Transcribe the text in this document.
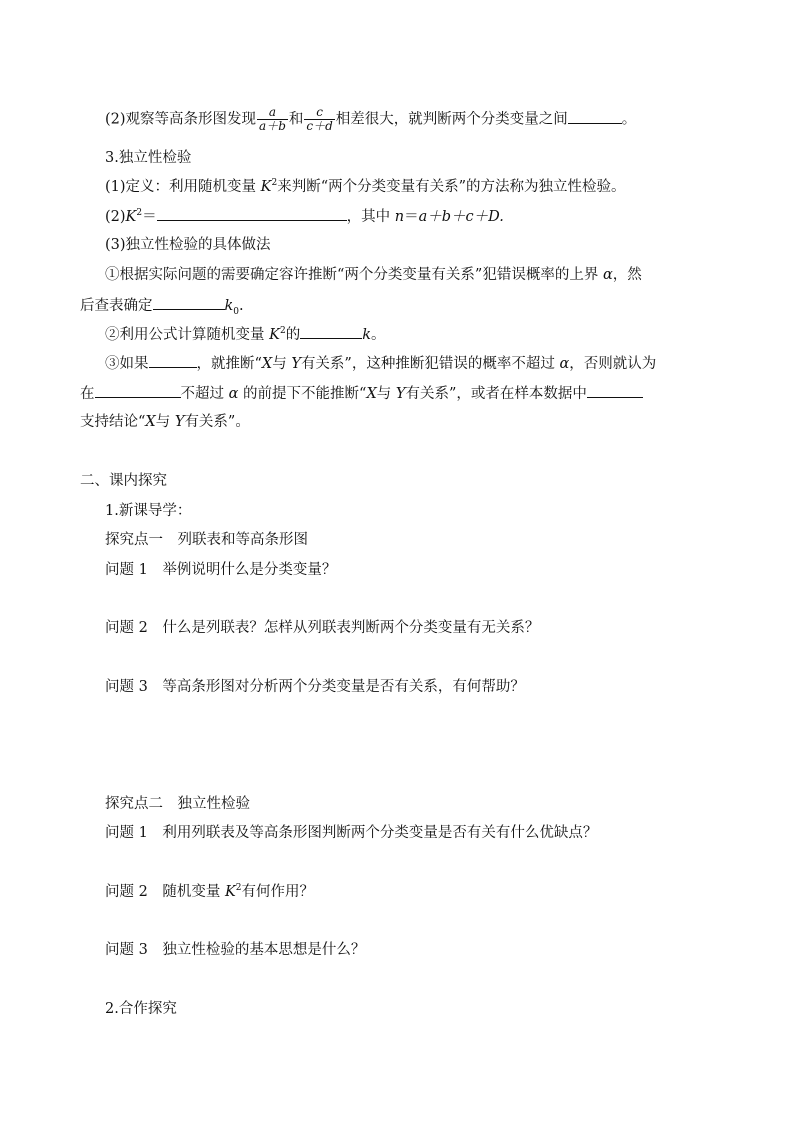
(2)观察等高条形图发现 $\frac{a}{a+b}$ 和 $\frac{c}{c+d}$ 相差很大，就判断两个分类变量之间	。
3.独立性检验
(1)定义：利用随机变量 $K^2$来判断“两个分类变量有关系”的方法称为独立性检验。
$(2)K^2=$	，其中 n＝a＋b＋c＋D.
(3)独立性检验的具体做法
①根据实际问题的需要确定容许推断“两个分类变量有关系”犯错误概率的上界 α，然
后查表确定	$k_0$.
②利用公式计算随机变量 $K^2$的	k。
③如果	，就推断“X与 Y有关系”，这种推断犯错误的概率不超过 α，否则就认为
在	不超过 α 的前提下不能推断“X与 Y有关系”，或者在样本数据中
支持结论“X与 Y有关系”。
二、课内探究
1.新课导学：
探究点一　列联表和等高条形图
问题 1　举例说明什么是分类变量？
问题 2　什么是列联表？怎样从列联表判断两个分类变量有无关系？
问题 3　等高条形图对分析两个分类变量是否有关系，有何帮助？
探究点二　独立性检验
问题 1　利用列联表及等高条形图判断两个分类变量是否有关有什么优缺点？
问题 2　随机变量 $K^2$有何作用？
问题 3　独立性检验的基本思想是什么？
2.合作探究
